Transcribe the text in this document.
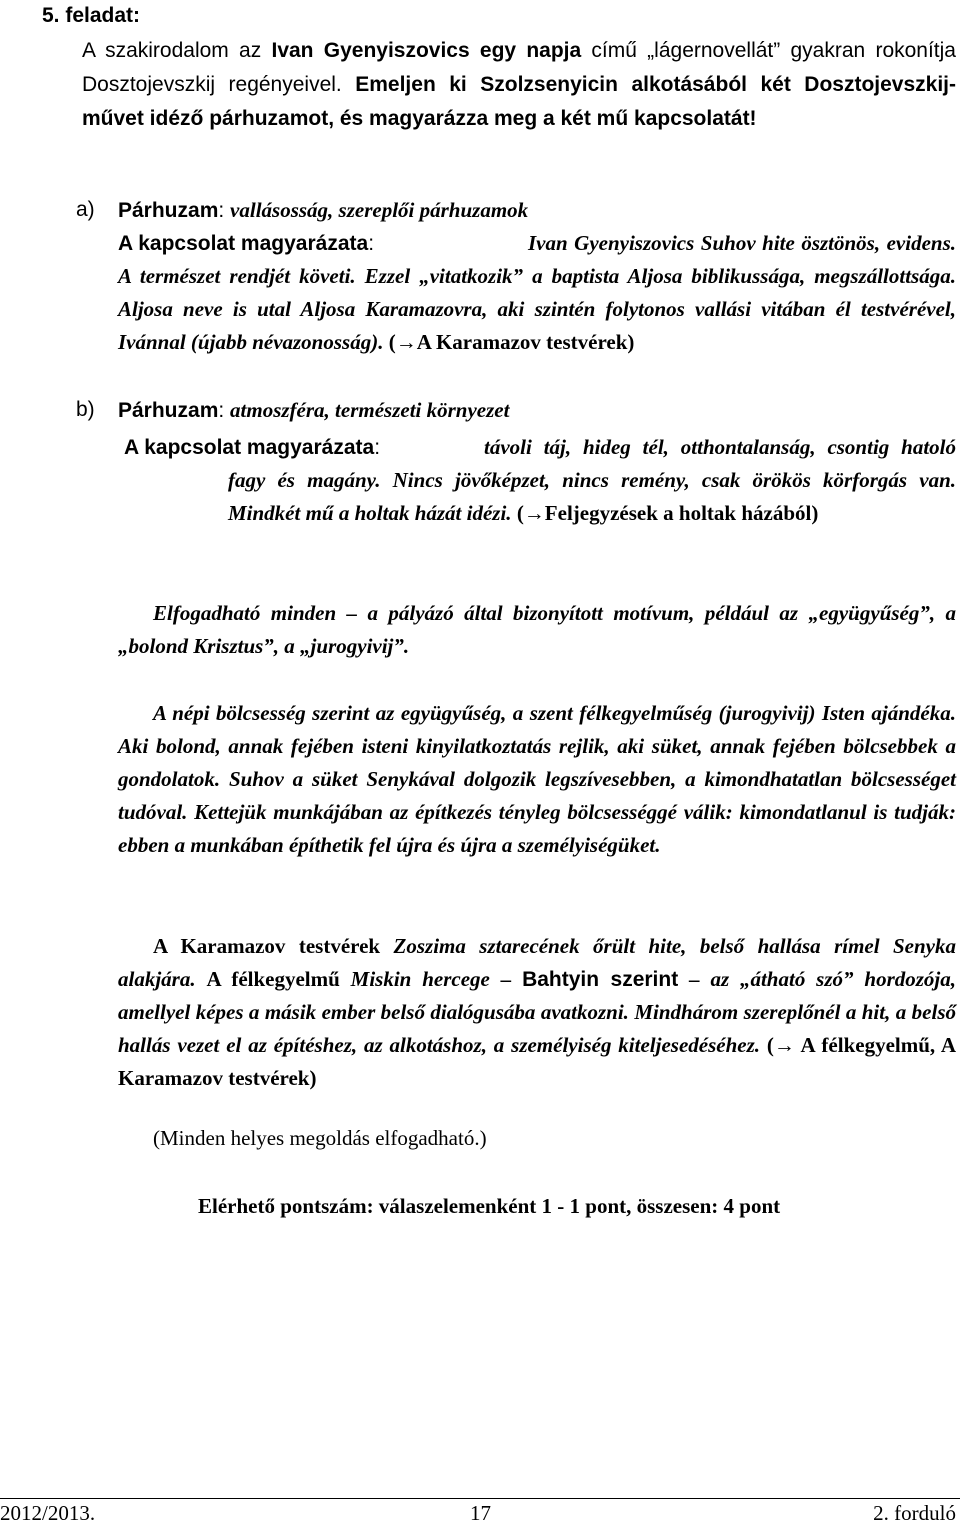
5. feladat:

A szakirodalom az Ivan Gyenyiszovics egy napja című „lágernovellát” gyakran rokonítja Dosztojevszkij regényeivel. Emeljen ki Szolzsenyicin alkotásából két Dosztojevszkij-művet idéző párhuzamot, és magyarázza meg a két mű kapcsolatát!

a) Párhuzam: vallásosság, szereplői párhuzamok

A kapcsolat magyarázata:	Ivan Gyenyiszovics Suhov hite ösztönös, evidens. A természet rendjét követi. Ezzel „vitatkozik” a baptista Aljosa biblikussága, megszállottsága. Aljosa neve is utal Aljosa Karamazovra, aki szintén folytonos vallási vitában él testvérével, Ivánnal (újabb névazonosság). (→A Karamazov testvérek)

b) Párhuzam: atmoszféra, természeti környezet

A kapcsolat magyarázata:	távoli táj, hideg tél, otthontalanság, csontig hatoló fagy és magány. Nincs jövőképzet, nincs remény, csak örökös körforgás van. Mindkét mű a holtak házát idézi. (→Feljegyzések a holtak házából)

Elfogadható minden – a pályázó által bizonyított motívum, például az „együgyűség”, a „bolond Krisztus”, a „jurogyivij”.

A népi bölcsesség szerint az együgyűség, a szent félkegyelműség (jurogyivij) Isten ajándéka. Aki bolond, annak fejében isteni kinyilatkoztatás rejlik, aki süket, annak fejében bölcsebbek a gondolatok. Suhov a süket Senykával dolgozik legszívesebben, a kimondhatatlan bölcsességet tudóval. Kettejük munkájában az építkezés tényleg bölcsességgé válik: kimondatlanul is tudják: ebben a munkában építhetik fel újra és újra a személyiségüket.

A Karamazov testvérek Zoszima sztarecének őrült hite, belső hallása rímel Senyka alakjára. A félkegyelmű Miskin hercege – Bahtyin szerint – az „átható szó” hordozója, amellyel képes a másik ember belső dialógusába avatkozni. Mindhárom szereplőnél a hit, a belső hallás vezet el az építéshez, az alkotáshoz, a személyiség kiteljesedéséhez. (→ A félkegyelmű, A Karamazov testvérek)

(Minden helyes megoldás elfogadható.)
Elérhető pontszám: válaszelemenként 1 - 1 pont, összesen: 4 pont
2012/2013.	17	2. forduló
